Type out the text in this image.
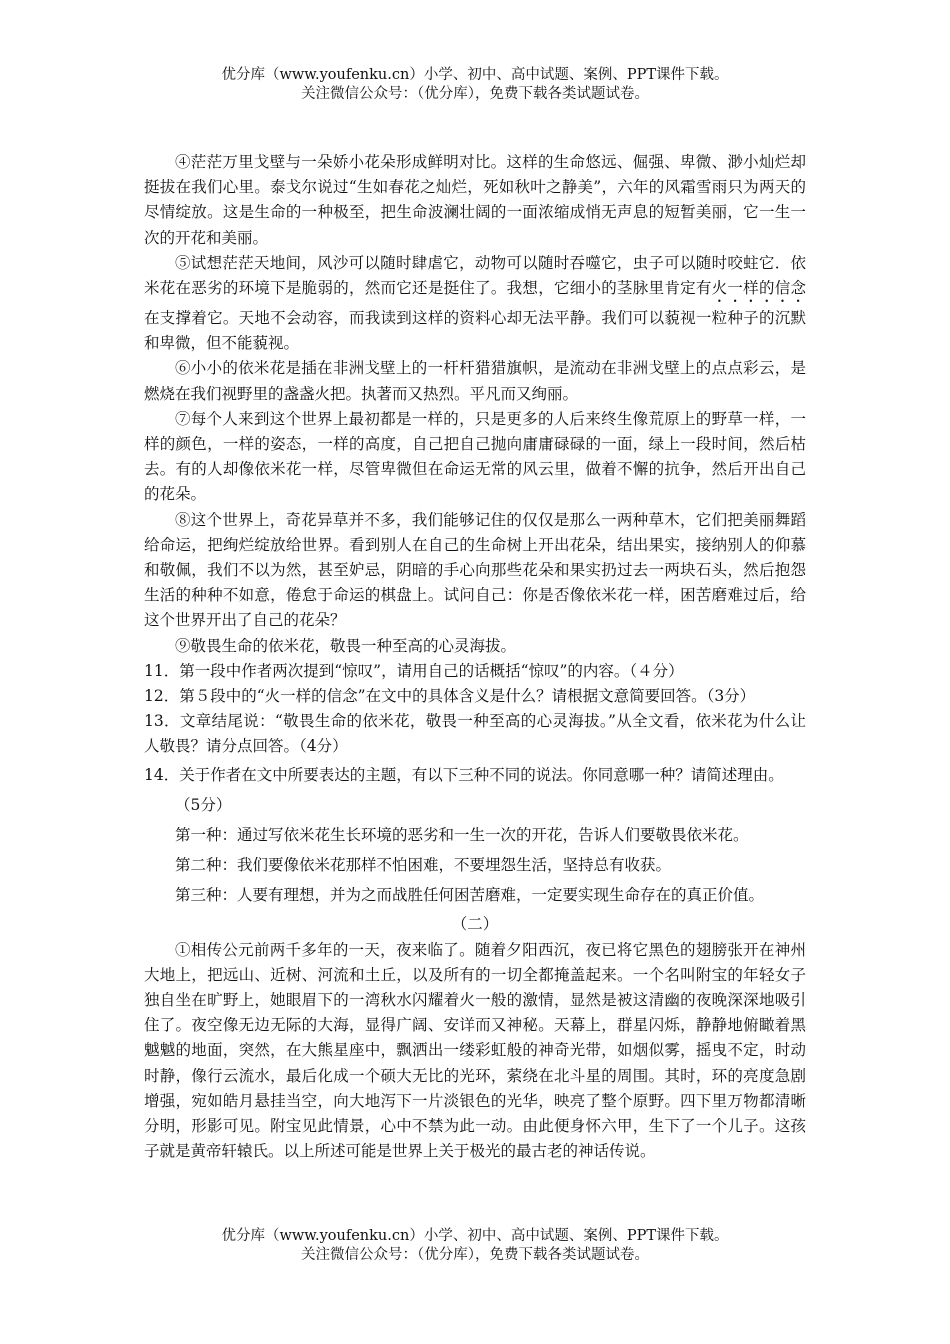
优分库（www.youfenku.cn）小学、初中、高中试题、案例、PPT课件下载。
关注微信公众号：（优分库），免费下载各类试题试卷。

④茫茫万里戈壁与一朵娇小花朵形成鲜明对比。这样的生命悠远、倔强、卑微、渺小灿烂却挺拔在我们心里。泰戈尔说过“生如春花之灿烂，死如秋叶之静美”，六年的风霜雪雨只为两天的尽情绽放。这是生命的一种极至，把生命波澜壮阔的一面浓缩成悄无声息的短暂美丽，它一生一次的开花和美丽。

⑤试想茫茫天地间，风沙可以随时肆虐它，动物可以随时吞噬它，虫子可以随时咬蛀它．依米花在恶劣的环境下是脆弱的，然而它还是挺住了。我想，它细小的茎脉里肯定有火一样的信念在支撑着它。天地不会动容，而我读到这样的资料心却无法平静。我们可以藐视一粒种子的沉默和卑微，但不能藐视。

⑥小小的依米花是插在非洲戈壁上的一杆杆猎猎旗帜，是流动在非洲戈壁上的点点彩云，是燃烧在我们视野里的盏盏火把。执著而又热烈。平凡而又绚丽。

⑦每个人来到这个世界上最初都是一样的，只是更多的人后来终生像荒原上的野草一样，一样的颜色，一样的姿态，一样的高度，自己把自己抛向庸庸碌碌的一面，绿上一段时间，然后枯去。有的人却像依米花一样，尽管卑微但在命运无常的风云里，做着不懈的抗争，然后开出自己的花朵。

⑧这个世界上，奇花异草并不多，我们能够记住的仅仅是那么一两种草木，它们把美丽舞蹈给命运，把绚烂绽放给世界。看到别人在自己的生命树上开出花朵，结出果实，接纳别人的仰慕和敬佩，我们不以为然，甚至妒忌，阴暗的手心向那些花朵和果实扔过去一两块石头，然后抱怨生活的种种不如意，倦怠于命运的棋盘上。试问自己：你是否像依米花一样，困苦磨难过后，给这个世界开出了自己的花朵？

⑨敬畏生命的依米花，敬畏一种至高的心灵海拔。

11．第一段中作者两次提到“惊叹”，请用自己的话概括“惊叹”的内容。（４分）

12．第５段中的“火一样的信念”在文中的具体含义是什么？请根据文意简要回答。（3分）

13．文章结尾说：“敬畏生命的依米花，敬畏一种至高的心灵海拔。”从全文看，依米花为什么让人敬畏？请分点回答。（4分）

14．关于作者在文中所要表达的主题，有以下三种不同的说法。你同意哪一种？请简述理由。

（5分）

第一种：通过写依米花生长环境的恶劣和一生一次的开花，告诉人们要敬畏依米花。

第二种：我们要像依米花那样不怕困难，不要埋怨生活，坚持总有收获。

第三种：人要有理想，并为之而战胜任何困苦磨难，一定要实现生命存在的真正价值。

（二）

①相传公元前两千多年的一天，夜来临了。随着夕阳西沉，夜已将它黑色的翅膀张开在神州大地上，把远山、近树、河流和土丘，以及所有的一切全都掩盖起来。一个名叫附宝的年轻女子独自坐在旷野上，她眼眉下的一湾秋水闪耀着火一般的激情，显然是被这清幽的夜晚深深地吸引住了。夜空像无边无际的大海，显得广阔、安详而又神秘。天幕上，群星闪烁，静静地俯瞰着黑魆魆的地面，突然，在大熊星座中，飘洒出一缕彩虹般的神奇光带，如烟似雾，摇曳不定，时动时静，像行云流水，最后化成一个硕大无比的光环，萦绕在北斗星的周围。其时，环的亮度急剧增强，宛如皓月悬挂当空，向大地泻下一片淡银色的光华，映亮了整个原野。四下里万物都清晰分明，形影可见。附宝见此情景，心中不禁为此一动。由此便身怀六甲，生下了一个儿子。这孩子就是黄帝轩辕氏。以上所述可能是世界上关于极光的最古老的神话传说。

优分库（www.youfenku.cn）小学、初中、高中试题、案例、PPT课件下载。
关注微信公众号：（优分库），免费下载各类试题试卷。
